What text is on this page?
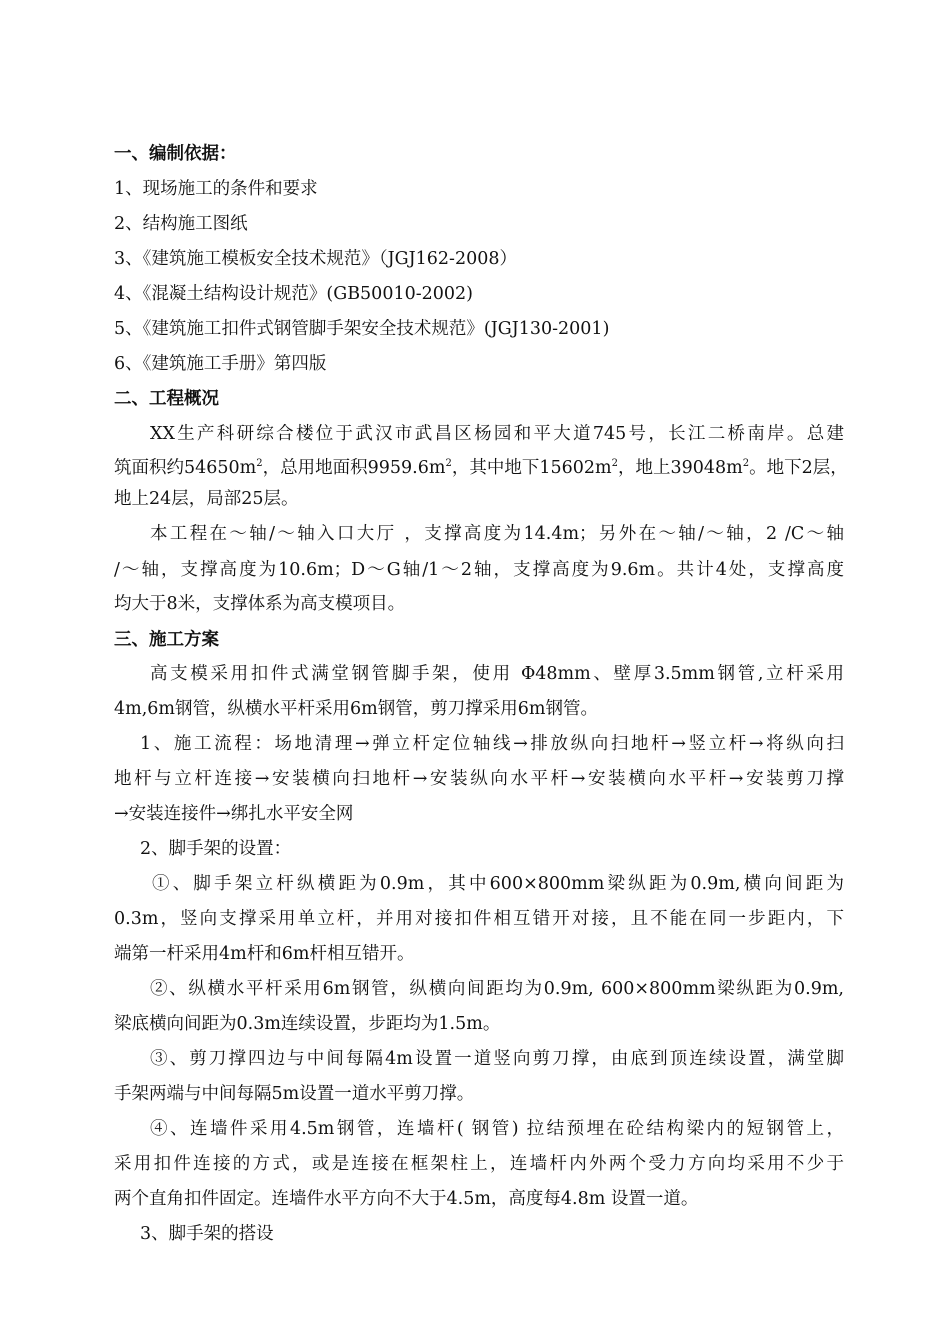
一、编制依据：
1、现场施工的条件和要求
2、结构施工图纸
3、《建筑施工模板安全技术规范》（JGJ162-2008）
4、《混凝土结构设计规范》(GB50010-2002)
5、《建筑施工扣件式钢管脚手架安全技术规范》(JGJ130-2001)
6、《建筑施工手册》第四版
二、工程概况
XX生产科研综合楼位于武汉市武昌区杨园和平大道745号，长江二桥南岸。总建
筑面积约$54650m^2$，总用地面积$9959.6m^2$，其中地下$15602m^2$，地上$39048m^2$。地下2层，
地上24层，局部25层。
本工程在～轴/～轴入口大厅 ，支撑高度为14.4m；另外在～轴/～轴，2 /C～轴
/～轴，支撑高度为10.6m；D～G轴/1～2轴，支撑高度为9.6m。共计4处，支撑高度
均大于8米，支撑体系为高支模项目。
三、施工方案
高支模采用扣件式满堂钢管脚手架，使用 Φ48mm、壁厚3.5mm钢管,立杆采用
4m,6m钢管，纵横水平杆采用6m钢管，剪刀撑采用6m钢管。
1、施工流程：场地清理→弹立杆定位轴线→排放纵向扫地杆→竖立杆→将纵向扫
地杆与立杆连接→安装横向扫地杆→安装纵向水平杆→安装横向水平杆→安装剪刀撑
→安装连接件→绑扎水平安全网
2、脚手架的设置：
①、脚手架立杆纵横距为0.9m，其中600×800mm梁纵距为0.9m,横向间距为
0.3m，竖向支撑采用单立杆，并用对接扣件相互错开对接，且不能在同一步距内，下
端第一杆采用4m杆和6m杆相互错开。
②、纵横水平杆采用6m钢管，纵横向间距均为0.9m, 600×800mm梁纵距为0.9m,
梁底横向间距为0.3m连续设置，步距均为1.5m。
③、剪刀撑四边与中间每隔4m设置一道竖向剪刀撑，由底到顶连续设置，满堂脚
手架两端与中间每隔5m设置一道水平剪刀撑。
④、连墙件采用4.5m钢管，连墙杆( 钢管) 拉结预埋在砼结构梁内的短钢管上，
采用扣件连接的方式，或是连接在框架柱上，连墙杆内外两个受力方向均采用不少于
两个直角扣件固定。连墙件水平方向不大于4.5m，高度每4.8m 设置一道。
3、脚手架的搭设
